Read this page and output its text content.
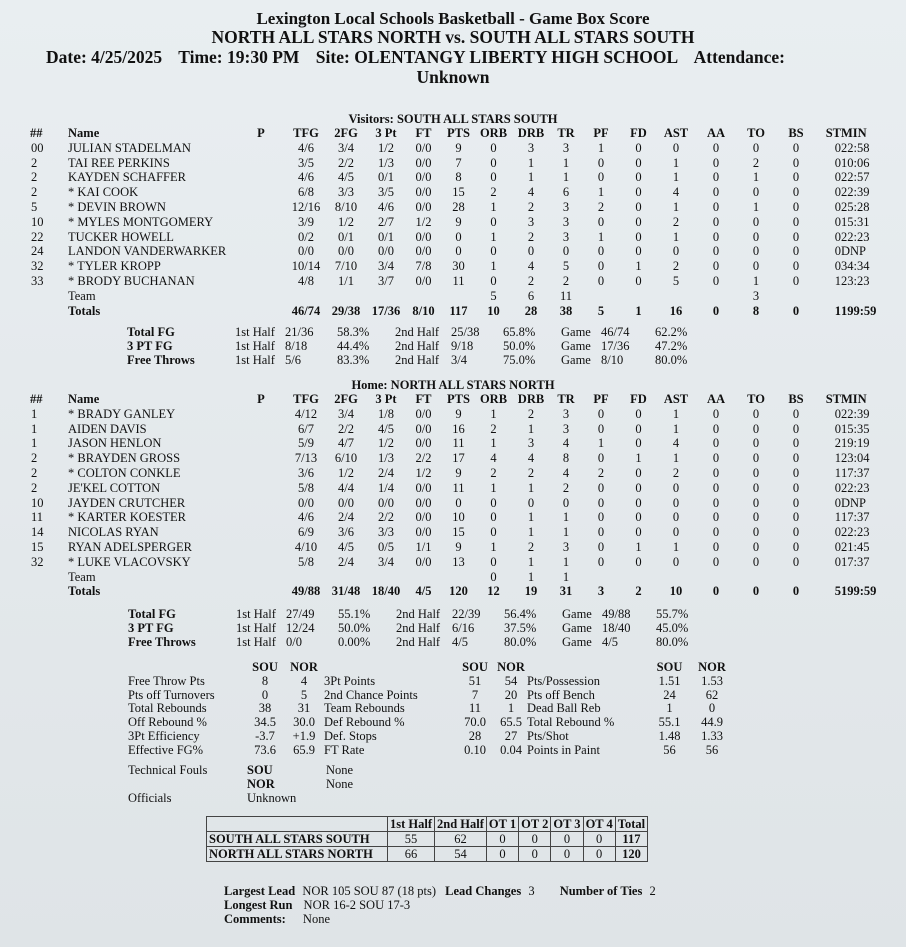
Lexington Local Schools Basketball - Game Box Score
NORTH ALL STARS NORTH vs. SOUTH ALL STARS SOUTH
Date: 4/25/2025 Time: 19:30 PM Site: OLENTANGY LIBERTY HIGH SCHOOL Attendance:
Unknown
Visitors: SOUTH ALL STARS SOUTH
##	Name	P	TFG	2FG	3 Pt	FT	PTS	ORB	DRB	TR	PF	FD	AST	AA	TO	BS	ST	MIN
00	JULIAN STADELMAN		4/6	3/4	1/2	0/0	9	0	3	3	1	0	0	0	0	0	0	22:58
2	TAI REE PERKINS		3/5	2/2	1/3	0/0	7	0	1	1	0	0	1	0	2	0	0	10:06
2	KAYDEN SCHAFFER		4/6	4/5	0/1	0/0	8	0	1	1	0	0	1	0	1	0	0	22:57
2	* KAI COOK		6/8	3/3	3/5	0/0	15	2	4	6	1	0	4	0	0	0	0	22:39
5	* DEVIN BROWN		12/16	8/10	4/6	0/0	28	1	2	3	2	0	1	0	1	0	0	25:28
10	* MYLES MONTGOMERY		3/9	1/2	2/7	1/2	9	0	3	3	0	0	2	0	0	0	0	15:31
22	TUCKER HOWELL		0/2	0/1	0/1	0/0	0	1	2	3	1	0	1	0	0	0	0	22:23
24	LANDON VANDERWARKER		0/0	0/0	0/0	0/0	0	0	0	0	0	0	0	0	0	0	0	DNP
32	* TYLER KROPP		10/14	7/10	3/4	7/8	30	1	4	5	0	1	2	0	0	0	0	34:34
33	* BRODY BUCHANAN		4/8	1/1	3/7	0/0	11	0	2	2	0	0	5	0	1	0	1	23:23
	Team							5	6	11					3			
	Totals		46/74	29/38	17/36	8/10	117	10	28	38	5	1	16	0	8	0	1	199:59
Total FG	1st Half	21/36	58.3%	2nd Half	25/38	65.8%	Game	46/74	62.2%
3 PT FG	1st Half	8/18	44.4%	2nd Half	9/18	50.0%	Game	17/36	47.2%
Free Throws	1st Half	5/6	83.3%	2nd Half	3/4	75.0%	Game	8/10	80.0%
Home: NORTH ALL STARS NORTH
##	Name	P	TFG	2FG	3 Pt	FT	PTS	ORB	DRB	TR	PF	FD	AST	AA	TO	BS	ST	MIN
1	* BRADY GANLEY		4/12	3/4	1/8	0/0	9	1	2	3	0	0	1	0	0	0	0	22:39
1	AIDEN DAVIS		6/7	2/2	4/5	0/0	16	2	1	3	0	0	1	0	0	0	0	15:35
1	JASON HENLON		5/9	4/7	1/2	0/0	11	1	3	4	1	0	4	0	0	0	2	19:19
2	* BRAYDEN GROSS		7/13	6/10	1/3	2/2	17	4	4	8	0	1	1	0	0	0	1	23:04
2	* COLTON CONKLE		3/6	1/2	2/4	1/2	9	2	2	4	2	0	2	0	0	0	1	17:37
2	JE'KEL COTTON		5/8	4/4	1/4	0/0	11	1	1	2	0	0	0	0	0	0	0	22:23
10	JAYDEN CRUTCHER		0/0	0/0	0/0	0/0	0	0	0	0	0	0	0	0	0	0	0	DNP
11	* KARTER KOESTER		4/6	2/4	2/2	0/0	10	0	1	1	0	0	0	0	0	0	1	17:37
14	NICOLAS RYAN		6/9	3/6	3/3	0/0	15	0	1	1	0	0	0	0	0	0	0	22:23
15	RYAN ADELSPERGER		4/10	4/5	0/5	1/1	9	1	2	3	0	1	1	0	0	0	0	21:45
32	* LUKE VLACOVSKY		5/8	2/4	3/4	0/0	13	0	1	1	0	0	0	0	0	0	0	17:37
	Team							0	1	1								
	Totals		49/88	31/48	18/40	4/5	120	12	19	31	3	2	10	0	0	0	5	199:59
Total FG	1st Half	27/49	55.1%	2nd Half	22/39	56.4%	Game	49/88	55.7%
3 PT FG	1st Half	12/24	50.0%	2nd Half	6/16	37.5%	Game	18/40	45.0%
Free Throws	1st Half	0/0	0.00%	2nd Half	4/5	80.0%	Game	4/5	80.0%
	SOU	NOR		SOU	NOR		SOU	NOR
Free Throw Pts	8	4	3Pt Points	51	54	Pts/Possession	1.51	1.53
Pts off Turnovers	0	5	2nd Chance Points	7	20	Pts off Bench	24	62
Total Rebounds	38	31	Team Rebounds	11	1	Dead Ball Reb	1	0
Off Rebound %	34.5	30.0	Def Rebound %	70.0	65.5	Total Rebound %	55.1	44.9
3Pt Efficiency	-3.7	+1.9	Def. Stops	28	27	Pts/Shot	1.48	1.33
Effective FG%	73.6	65.9	FT Rate	0.10	0.04	Points in Paint	56	56
Technical Fouls	SOU	None
NOR	None
Officials	Unknown
	1st Half	2nd Half	OT 1	OT 2	OT 3	OT 4	Total
SOUTH ALL STARS SOUTH	55	62	0	0	0	0	117
NORTH ALL STARS NORTH	66	54	0	0	0	0	120
Largest Lead NOR 105 SOU 87 (18 pts) Lead Changes 3 Number of Ties 2
Longest Run NOR 16-2 SOU 17-3
Comments: None
